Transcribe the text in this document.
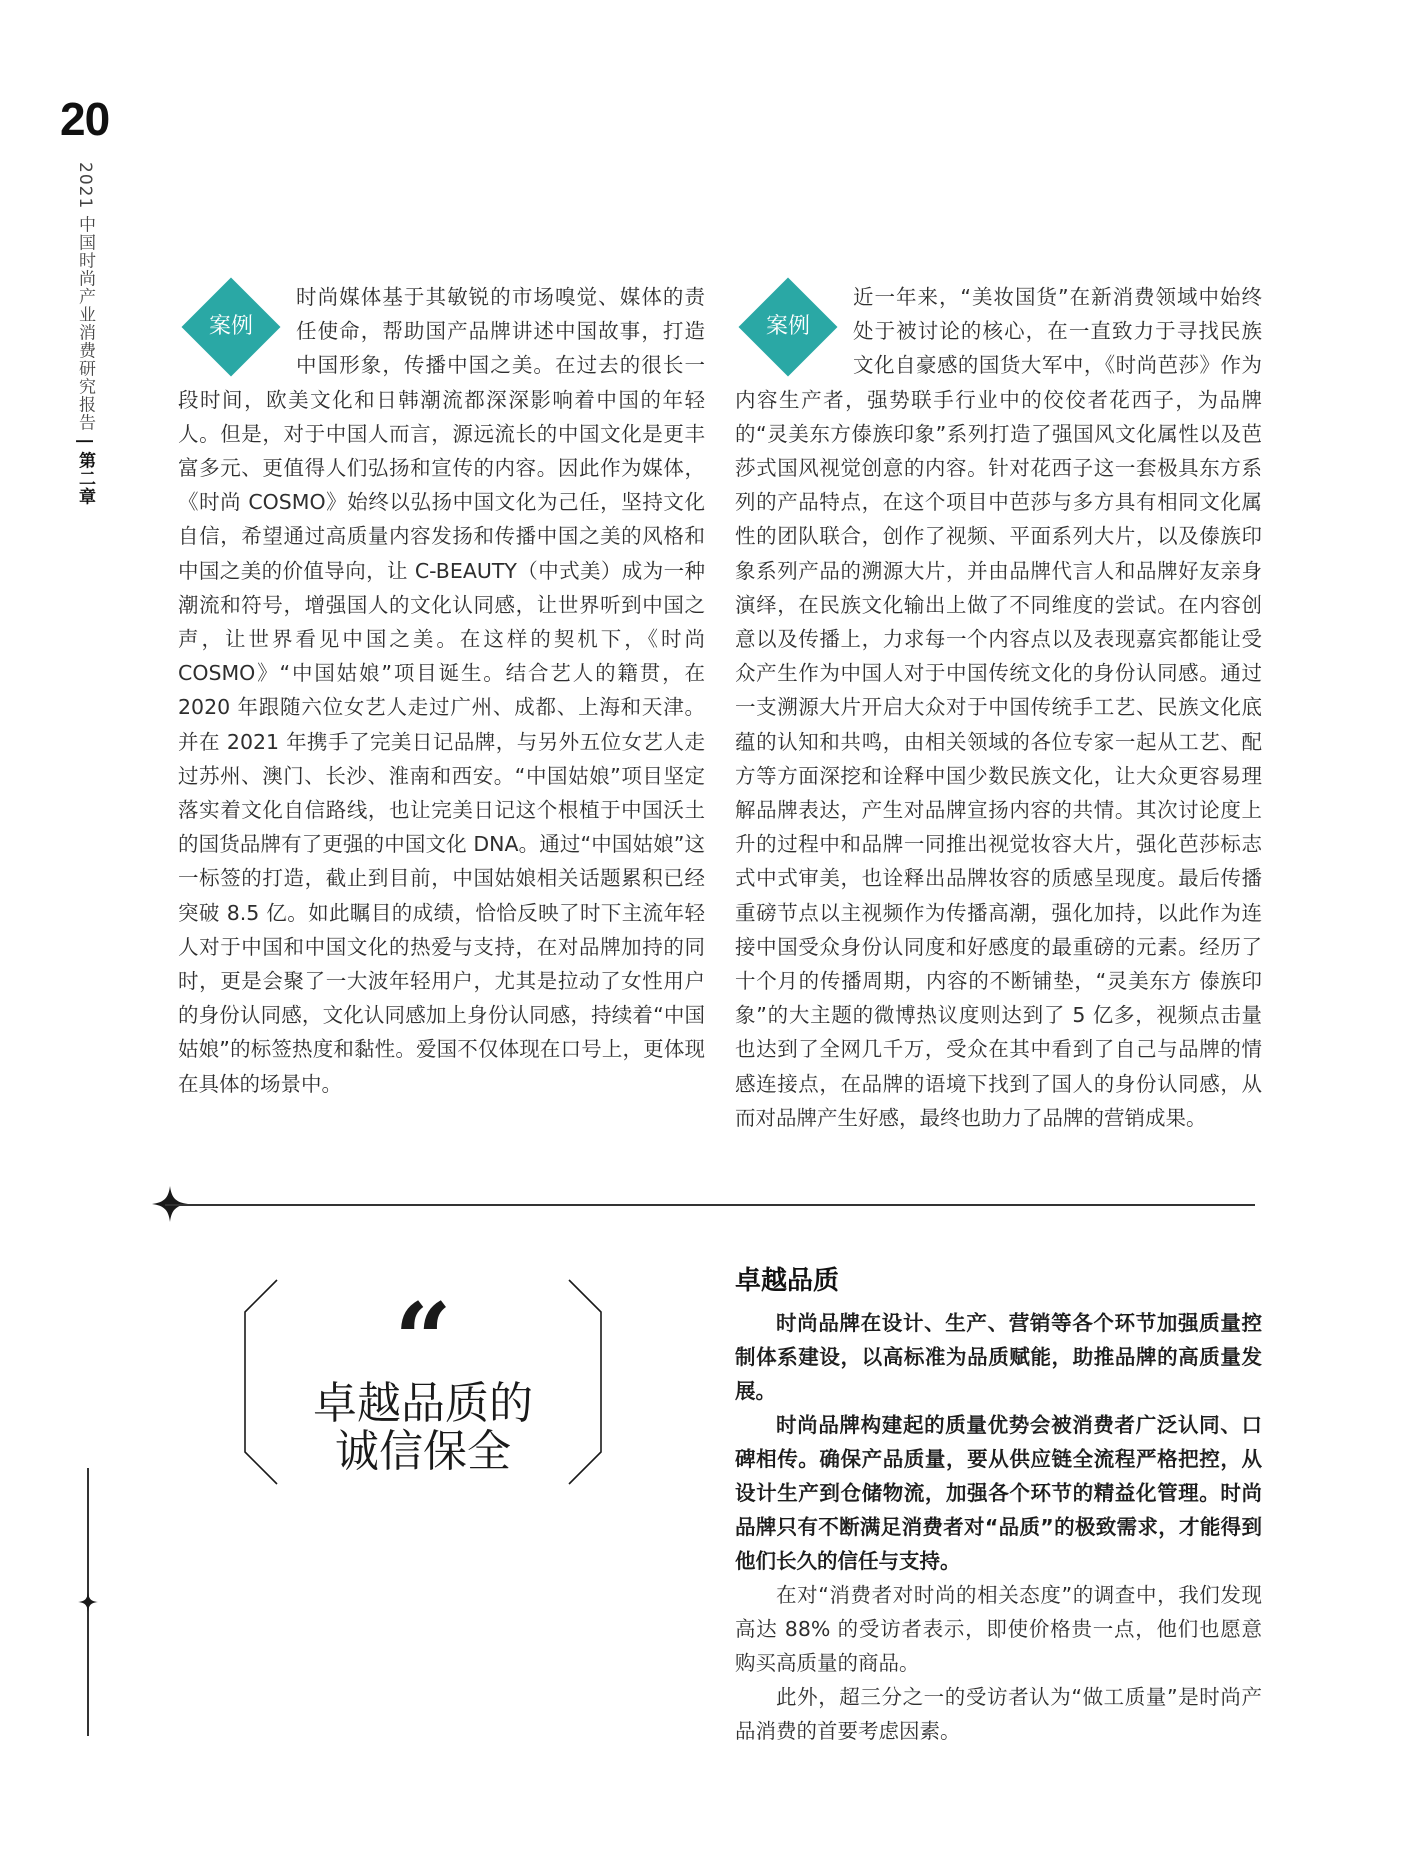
20
2021 中国时尚产业消费研究报告 | 第二章
案例
时尚媒体基于其敏锐的市场嗅觉、媒体的责任使命，帮助国产品牌讲述中国故事，打造中国形象，传播中国之美。在过去的很长一段时间，欧美文化和日韩潮流都深深影响着中国的年轻人。但是，对于中国人而言，源远流长的中国文化是更丰富多元、更值得人们弘扬和宣传的内容。因此作为媒体，《时尚 COSMO》始终以弘扬中国文化为己任，坚持文化自信，希望通过高质量内容发扬和传播中国之美的风格和中国之美的价值导向，让 C-BEAUTY（中式美）成为一种潮流和符号，增强国人的文化认同感，让世界听到中国之声，让世界看见中国之美。在这样的契机下，《时尚 COSMO》“中国姑娘”项目诞生。结合艺人的籍贯，在 2020 年跟随六位女艺人走过广州、成都、上海和天津。并在 2021 年携手了完美日记品牌，与另外五位女艺人走过苏州、澳门、长沙、淮南和西安。“中国姑娘”项目坚定落实着文化自信路线，也让完美日记这个根植于中国沃土的国货品牌有了更强的中国文化 DNA。通过“中国姑娘”这一标签的打造，截止到目前，中国姑娘相关话题累积已经突破 8.5 亿。如此瞩目的成绩，恰恰反映了时下主流年轻人对于中国和中国文化的热爱与支持，在对品牌加持的同时，更是会聚了一大波年轻用户，尤其是拉动了女性用户的身份认同感，文化认同感加上身份认同感，持续着“中国姑娘”的标签热度和黏性。爱国不仅体现在口号上，更体现在具体的场景中。
案例
近一年来，“美妆国货”在新消费领域中始终处于被讨论的核心，在一直致力于寻找民族文化自豪感的国货大军中，《时尚芭莎》作为内容生产者，强势联手行业中的佼佼者花西子，为品牌的“灵美东方傣族印象”系列打造了强国风文化属性以及芭莎式国风视觉创意的内容。针对花西子这一套极具东方系列的产品特点，在这个项目中芭莎与多方具有相同文化属性的团队联合，创作了视频、平面系列大片，以及傣族印象系列产品的溯源大片，并由品牌代言人和品牌好友亲身演绎，在民族文化输出上做了不同维度的尝试。在内容创意以及传播上，力求每一个内容点以及表现嘉宾都能让受众产生作为中国人对于中国传统文化的身份认同感。通过一支溯源大片开启大众对于中国传统手工艺、民族文化底蕴的认知和共鸣，由相关领域的各位专家一起从工艺、配方等方面深挖和诠释中国少数民族文化，让大众更容易理解品牌表达，产生对品牌宣扬内容的共情。其次讨论度上升的过程中和品牌一同推出视觉妆容大片，强化芭莎标志式中式审美，也诠释出品牌妆容的质感呈现度。最后传播重磅节点以主视频作为传播高潮，强化加持，以此作为连接中国受众身份认同度和好感度的最重磅的元素。经历了十个月的传播周期，内容的不断铺垫，“灵美东方 傣族印象”的大主题的微博热议度则达到了 5 亿多，视频点击量也达到了全网几千万，受众在其中看到了自己与品牌的情感连接点，在品牌的语境下找到了国人的身份认同感，从而对品牌产生好感，最终也助力了品牌的营销成果。
“
卓越品质的
诚信保全
卓越品质

时尚品牌在设计、生产、营销等各个环节加强质量控制体系建设，以高标准为品质赋能，助推品牌的高质量发展。

时尚品牌构建起的质量优势会被消费者广泛认同、口碑相传。确保产品质量，要从供应链全流程严格把控，从设计生产到仓储物流，加强各个环节的精益化管理。时尚品牌只有不断满足消费者对“品质”的极致需求，才能得到他们长久的信任与支持。

在对“消费者对时尚的相关态度”的调查中，我们发现高达 88% 的受访者表示，即使价格贵一点，他们也愿意购买高质量的商品。

此外，超三分之一的受访者认为“做工质量”是时尚产品消费的首要考虑因素。
